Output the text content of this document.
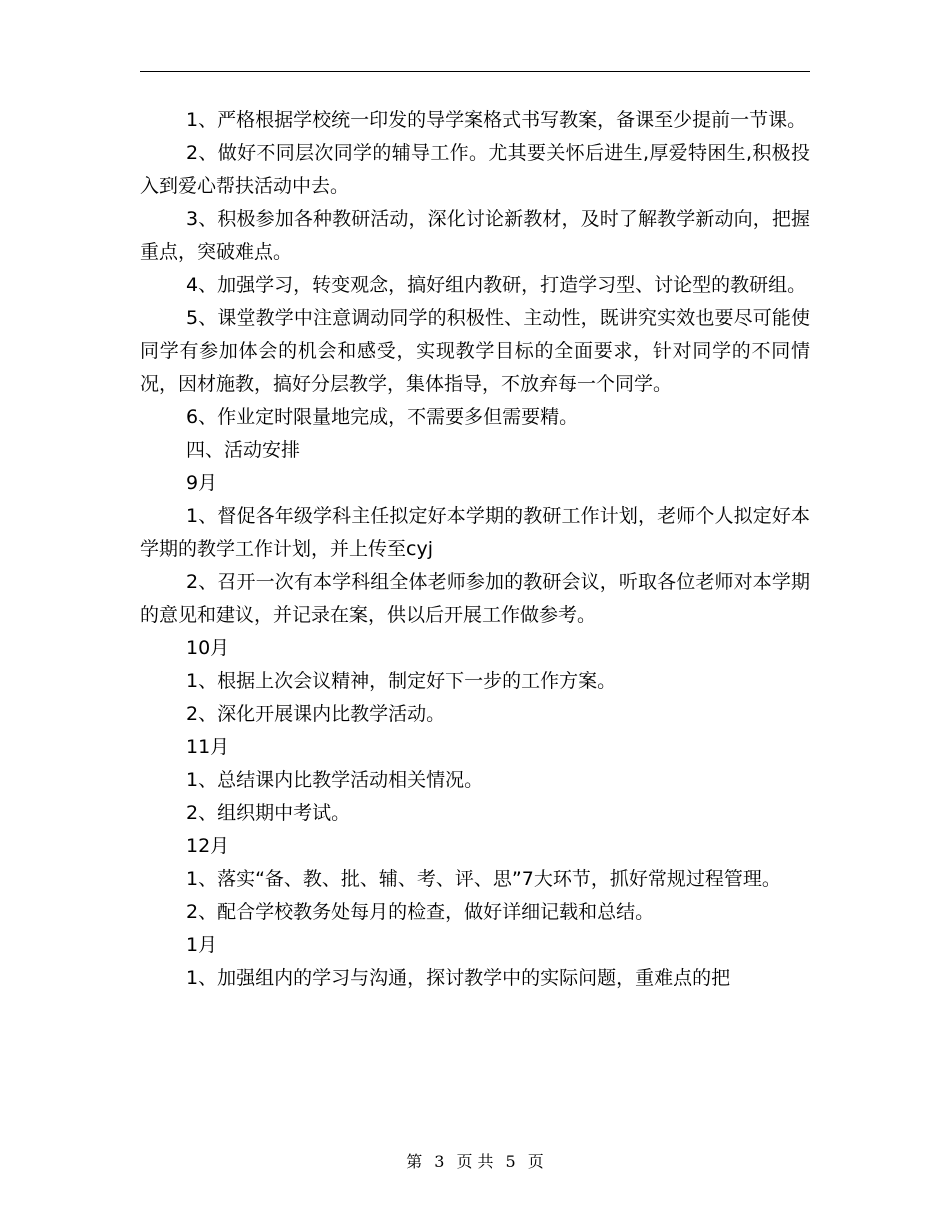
1、严格根据学校统一印发的导学案格式书写教案，备课至少提前一节课。

2、做好不同层次同学的辅导工作。尤其要关怀后进生,厚爱特困生,积极投入到爱心帮扶活动中去。

3、积极参加各种教研活动，深化讨论新教材，及时了解教学新动向，把握重点，突破难点。

4、加强学习，转变观念，搞好组内教研，打造学习型、讨论型的教研组。

5、课堂教学中注意调动同学的积极性、主动性，既讲究实效也要尽可能使同学有参加体会的机会和感受，实现教学目标的全面要求，针对同学的不同情况，因材施教，搞好分层教学，集体指导，不放弃每一个同学。

6、作业定时限量地完成，不需要多但需要精。

四、活动安排

9月

1、督促各年级学科主任拟定好本学期的教研工作计划，老师个人拟定好本学期的教学工作计划，并上传至cyj

2、召开一次有本学科组全体老师参加的教研会议，听取各位老师对本学期的意见和建议，并记录在案，供以后开展工作做参考。

10月

1、根据上次会议精神，制定好下一步的工作方案。

2、深化开展课内比教学活动。

11月

1、总结课内比教学活动相关情况。

2、组织期中考试。

12月

1、落实“备、教、批、辅、考、评、思”7大环节，抓好常规过程管理。

2、配合学校教务处每月的检查，做好详细记载和总结。

1月

1、加强组内的学习与沟通，探讨教学中的实际问题，重难点的把

第 3 页 共 5 页
